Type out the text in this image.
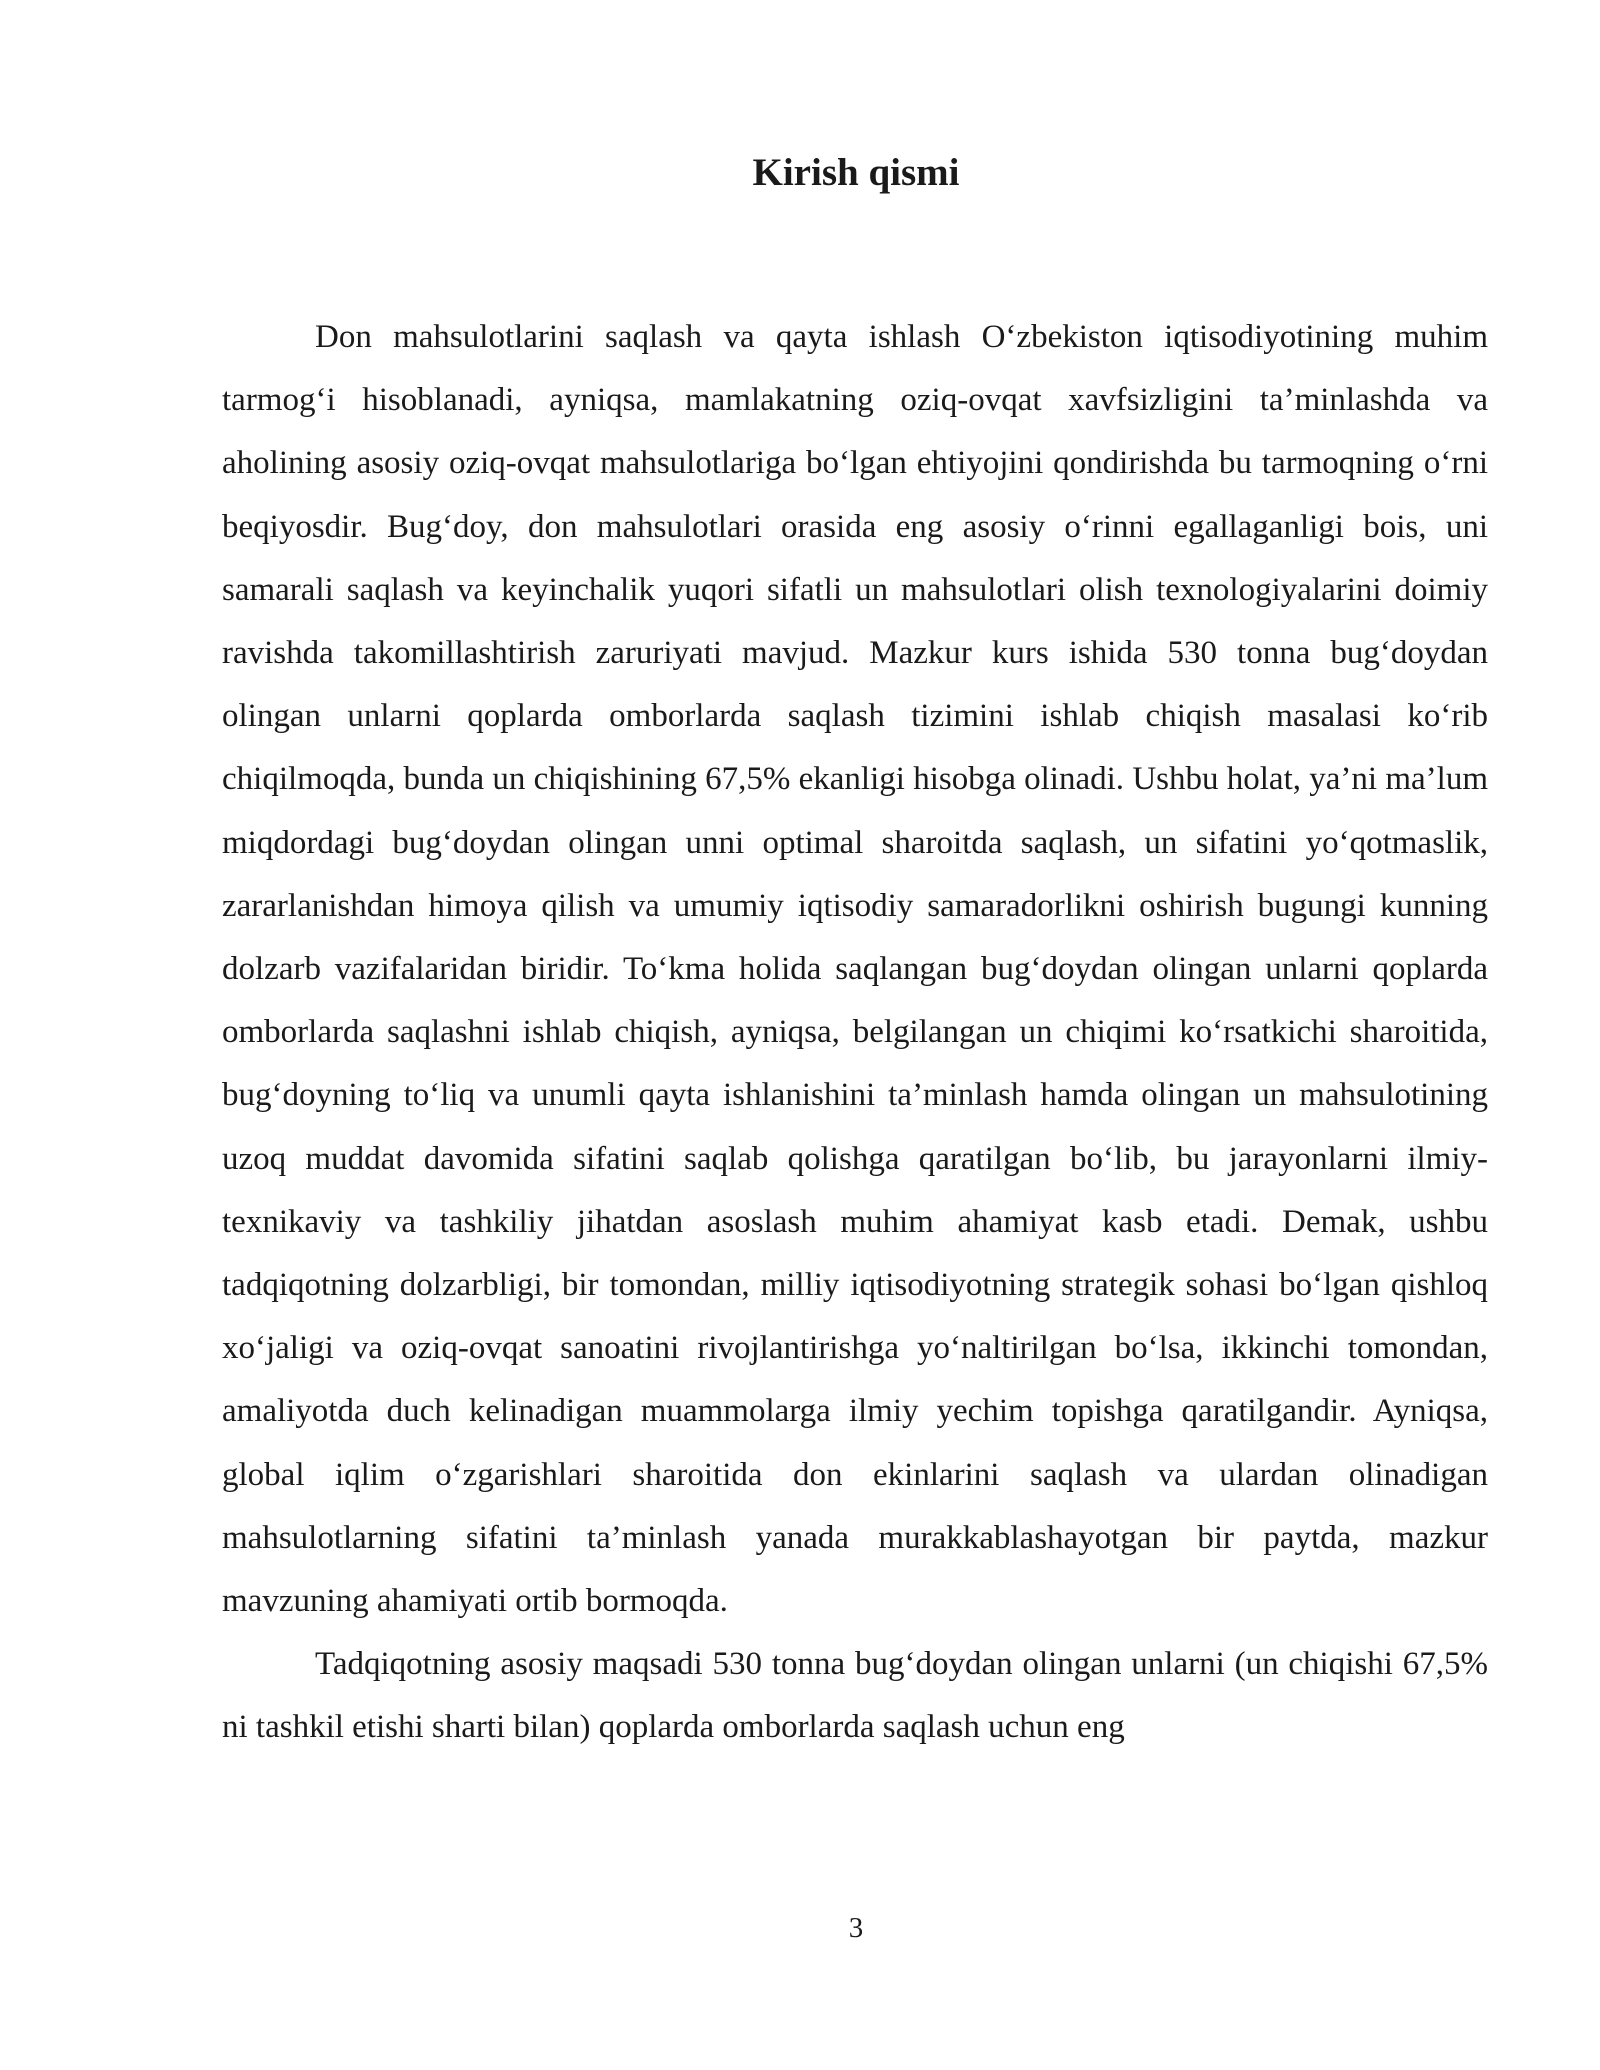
Kirish qismi

Don mahsulotlarini saqlash va qayta ishlash O‘zbekiston iqtisodiyotining muhim tarmog‘i hisoblanadi, ayniqsa, mamlakatning oziq-ovqat xavfsizligini ta’minlashda va aholining asosiy oziq-ovqat mahsulotlariga bo‘lgan ehtiyojini qondirishda bu tarmoqning o‘rni beqiyosdir. Bug‘doy, don mahsulotlari orasida eng asosiy o‘rinni egallaganligi bois, uni samarali saqlash va keyinchalik yuqori sifatli un mahsulotlari olish texnologiyalarini doimiy ravishda takomillashtirish zaruriyati mavjud. Mazkur kurs ishida 530 tonna bug‘doydan olingan unlarni qoplarda omborlarda saqlash tizimini ishlab chiqish masalasi ko‘rib chiqilmoqda, bunda un chiqishining 67,5% ekanligi hisobga olinadi. Ushbu holat, ya’ni ma’lum miqdordagi bug‘doydan olingan unni optimal sharoitda saqlash, un sifatini yo‘qotmaslik, zararlanishdan himoya qilish va umumiy iqtisodiy samaradorlikni oshirish bugungi kunning dolzarb vazifalaridan biridir. To‘kma holida saqlangan bug‘doydan olingan unlarni qoplarda omborlarda saqlashni ishlab chiqish, ayniqsa, belgilangan un chiqimi ko‘rsatkichi sharoitida, bug‘doyning to‘liq va unumli qayta ishlanishini ta’minlash hamda olingan un mahsulotining uzoq muddat davomida sifatini saqlab qolishga qaratilgan bo‘lib, bu jarayonlarni ilmiy-texnikaviy va tashkiliy jihatdan asoslash muhim ahamiyat kasb etadi. Demak, ushbu tadqiqotning dolzarbligi, bir tomondan, milliy iqtisodiyotning strategik sohasi bo‘lgan qishloq xo‘jaligi va oziq-ovqat sanoatini rivojlantirishga yo‘naltirilgan bo‘lsa, ikkinchi tomondan, amaliyotda duch kelinadigan muammolarga ilmiy yechim topishga qaratilgandir. Ayniqsa, global iqlim o‘zgarishlari sharoitida don ekinlarini saqlash va ulardan olinadigan mahsulotlarning sifatini ta’minlash yanada murakkablashayotgan bir paytda, mazkur mavzuning ahamiyati ortib bormoqda.

Tadqiqotning asosiy maqsadi 530 tonna bug‘doydan olingan unlarni (un chiqishi 67,5% ni tashkil etishi sharti bilan) qoplarda omborlarda saqlash uchun eng

3
